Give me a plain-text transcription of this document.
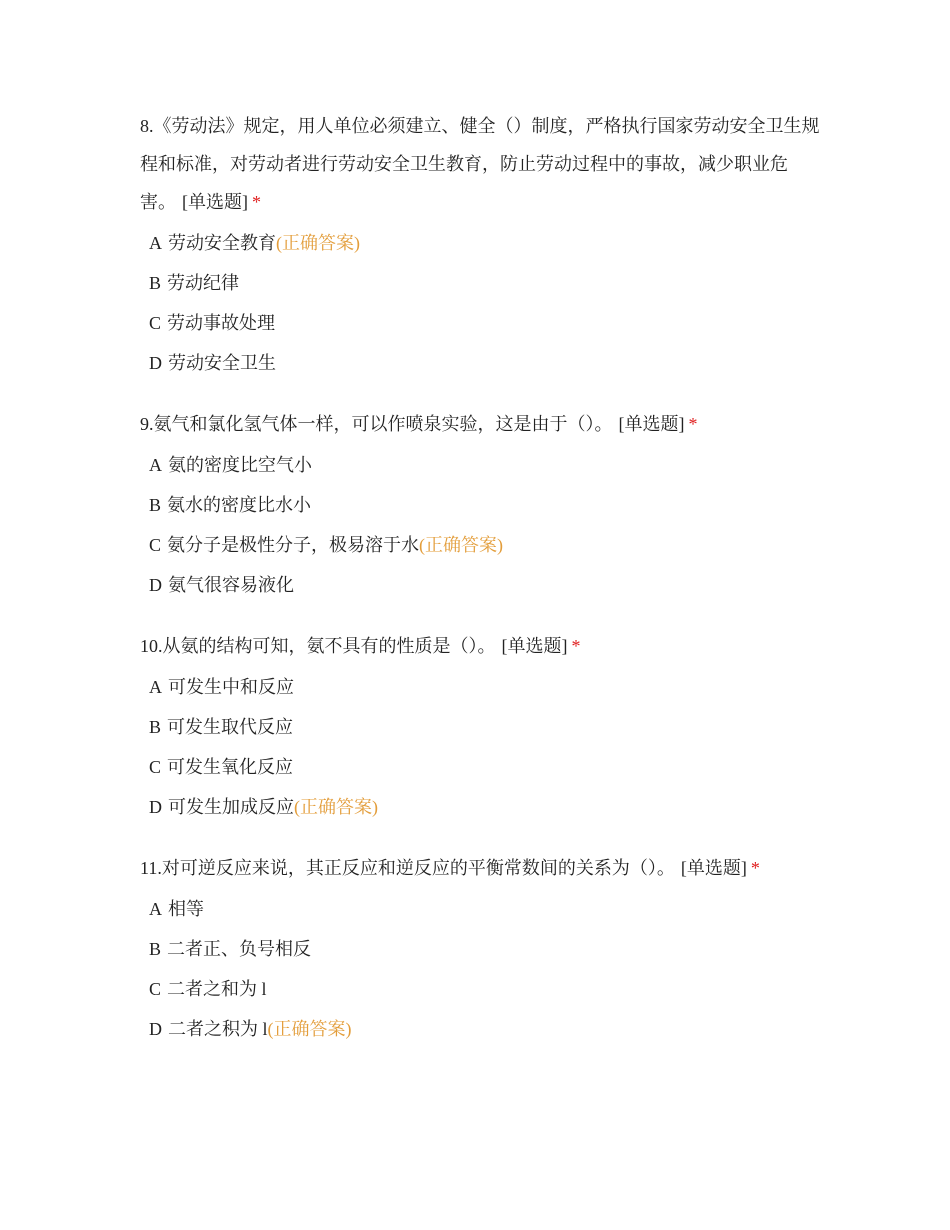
8.《劳动法》规定，用人单位必须建立、健全（）制度，严格执行国家劳动安全卫生规程和标准，对劳动者进行劳动安全卫生教育，防止劳动过程中的事故，减少职业危害。 [单选题] *

A 劳动安全教育(正确答案)
B 劳动纪律
C 劳动事故处理
D 劳动安全卫生

9.氨气和氯化氢气体一样，可以作喷泉实验，这是由于（）。 [单选题] *

A 氨的密度比空气小
B 氨水的密度比水小
C 氨分子是极性分子，极易溶于水(正确答案)
D 氨气很容易液化

10.从氨的结构可知，氨不具有的性质是（）。 [单选题] *

A 可发生中和反应
B 可发生取代反应
C 可发生氧化反应
D 可发生加成反应(正确答案)

11.对可逆反应来说，其正反应和逆反应的平衡常数间的关系为（）。 [单选题] *

A 相等
B 二者正、负号相反
C 二者之和为 l
D 二者之积为 l(正确答案)
